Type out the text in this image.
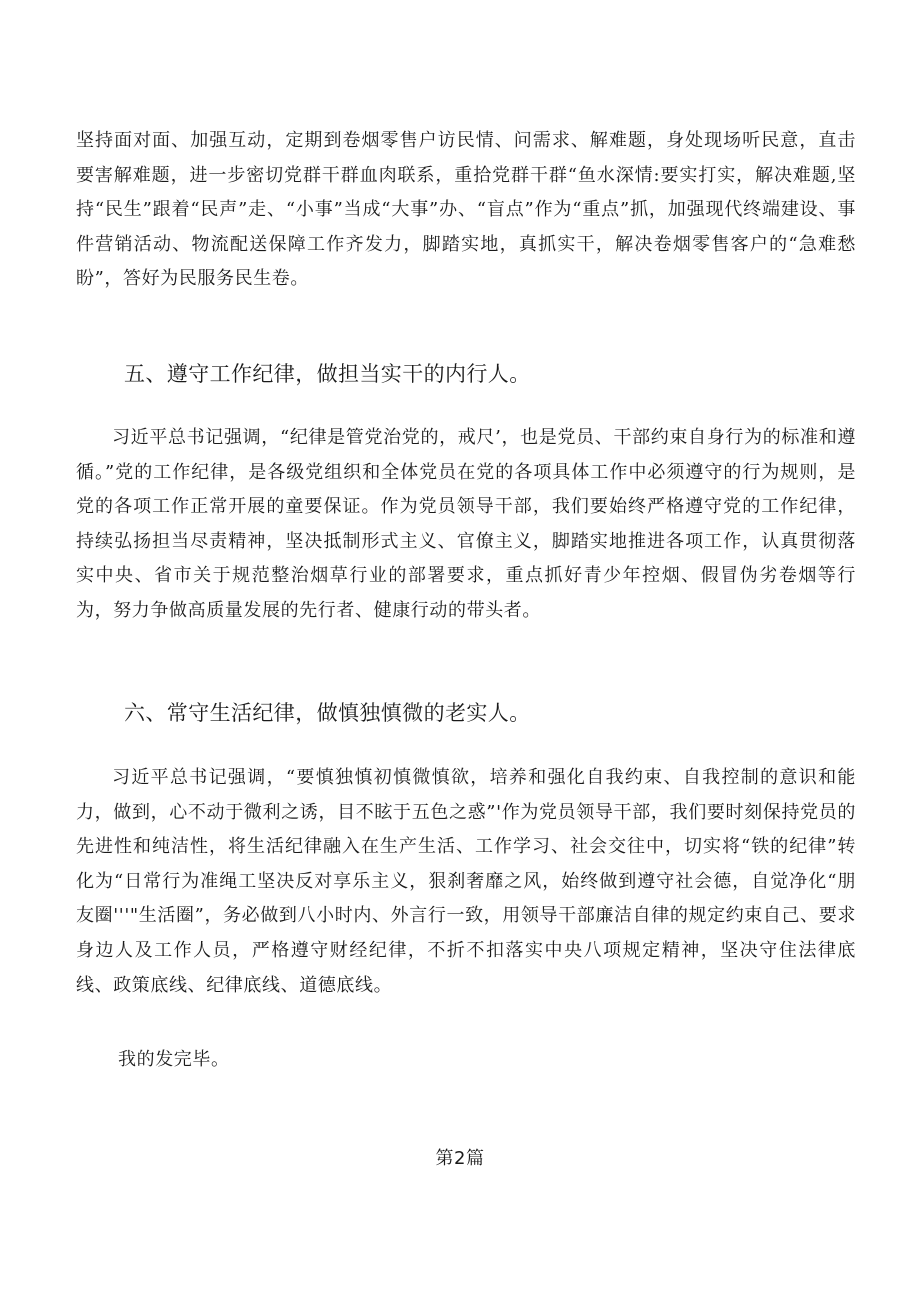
坚持面对面、加强互动，定期到卷烟零售户访民情、问需求、解难题，身处现场听民意，直击要害解难题，进一步密切党群干群血肉联系，重拾党群干群“鱼水深情:要实打实，解决难题,坚持“民生”跟着“民声”走、“小事”当成“大事”办、“盲点”作为“重点”抓，加强现代终端建设、事件营销活动、物流配送保障工作齐发力，脚踏实地，真抓实干，解决卷烟零售客户的“急难愁盼”，答好为民服务民生卷。

五、遵守工作纪律，做担当实干的内行人。

习近平总书记强调，“纪律是管党治党的，戒尺’，也是党员、干部约束自身行为的标准和遵循。”党的工作纪律，是各级党组织和全体党员在党的各项具体工作中必须遵守的行为规则，是党的各项工作正常开展的童要保证。作为党员领导干部，我们要始终严格遵守党的工作纪律，持续弘扬担当尽责精神，坚决抵制形式主义、官僚主义，脚踏实地推进各项工作，认真贯彻落实中央、省市关于规范整治烟草行业的部署要求，重点抓好青少年控烟、假冒伪劣卷烟等行为，努力争做高质量发展的先行者、健康行动的带头者。

六、常守生活纪律，做慎独慎微的老实人。

习近平总书记强调，“要慎独慎初慎微慎欲，培养和强化自我约束、自我控制的意识和能力，做到，心不动于微利之诱，目不眩于五色之惑”'作为党员领导干部，我们要时刻保持党员的先进性和纯洁性，将生活纪律融入在生产生活、工作学习、社会交往中，切实将“铁的纪律”转化为“日常行为准绳工坚决反对享乐主义，狠刹奢靡之风，始终做到遵守社会德，自觉净化“朋友圈'''"生活圈”，务必做到八小时内、外言行一致，用领导干部廉洁自律的规定约束自己、要求身边人及工作人员，严格遵守财经纪律，不折不扣落实中央八项规定精神，坚决守住法律底线、政策底线、纪律底线、道德底线。

我的发完毕。

第2篇
